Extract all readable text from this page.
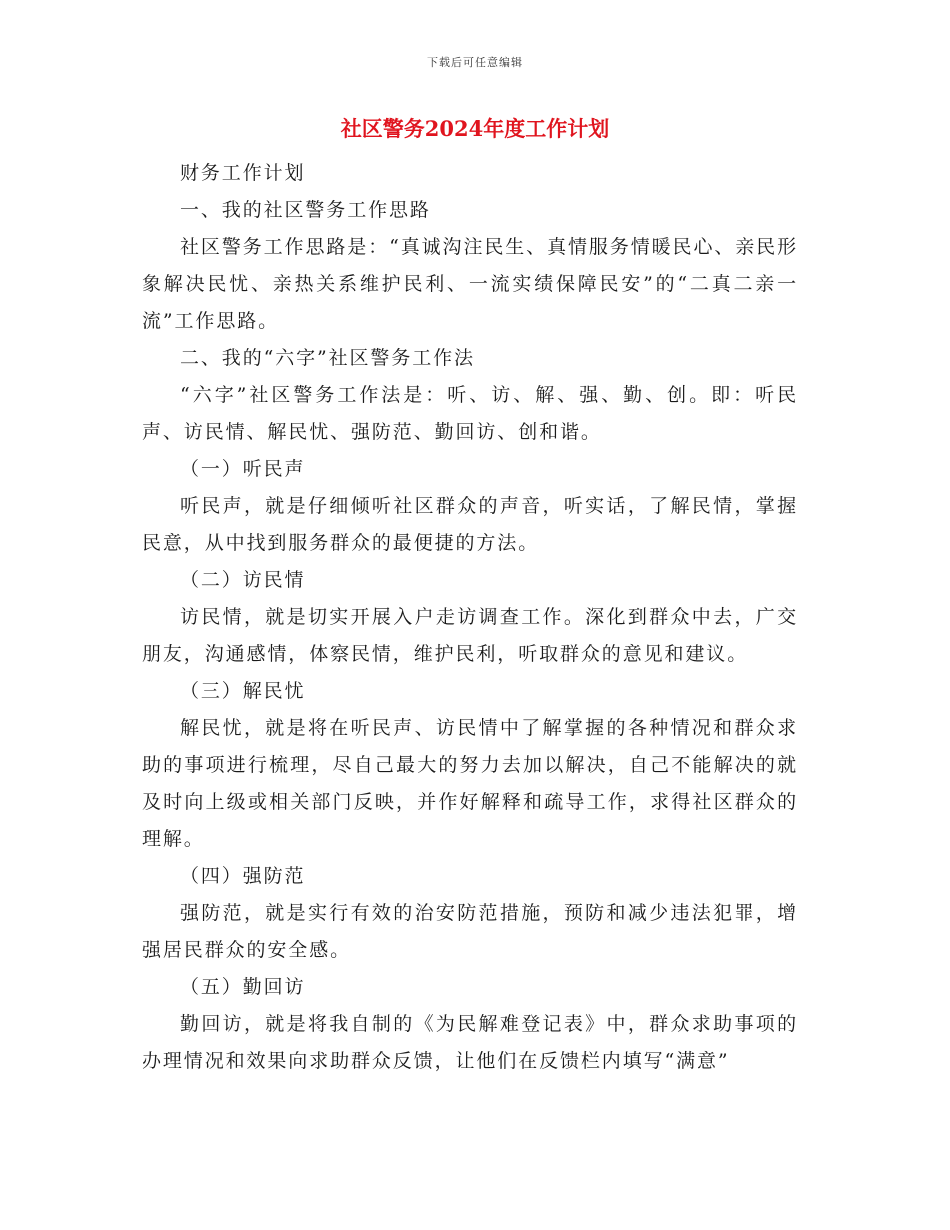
下载后可任意编辑
社区警务2024年度工作计划

财务工作计划

一、我的社区警务工作思路

社区警务工作思路是：“真诚沟注民生、真情服务情暖民心、亲民形象解决民忧、亲热关系维护民利、一流实绩保障民安”的“二真二亲一流”工作思路。

二、我的“六字”社区警务工作法

“六字”社区警务工作法是：听、访、解、强、勤、创。即：听民声、访民情、解民忧、强防范、勤回访、创和谐。

（一）听民声

听民声，就是仔细倾听社区群众的声音，听实话，了解民情，掌握民意，从中找到服务群众的最便捷的方法。

（二）访民情

访民情，就是切实开展入户走访调查工作。深化到群众中去，广交朋友，沟通感情，体察民情，维护民利，听取群众的意见和建议。

（三）解民忧

解民忧，就是将在听民声、访民情中了解掌握的各种情况和群众求助的事项进行梳理，尽自己最大的努力去加以解决，自己不能解决的就及时向上级或相关部门反映，并作好解释和疏导工作，求得社区群众的理解。

（四）强防范

强防范，就是实行有效的治安防范措施，预防和减少违法犯罪，增强居民群众的安全感。

（五）勤回访

勤回访，就是将我自制的《为民解难登记表》中，群众求助事项的办理情况和效果向求助群众反馈，让他们在反馈栏内填写“满意”
